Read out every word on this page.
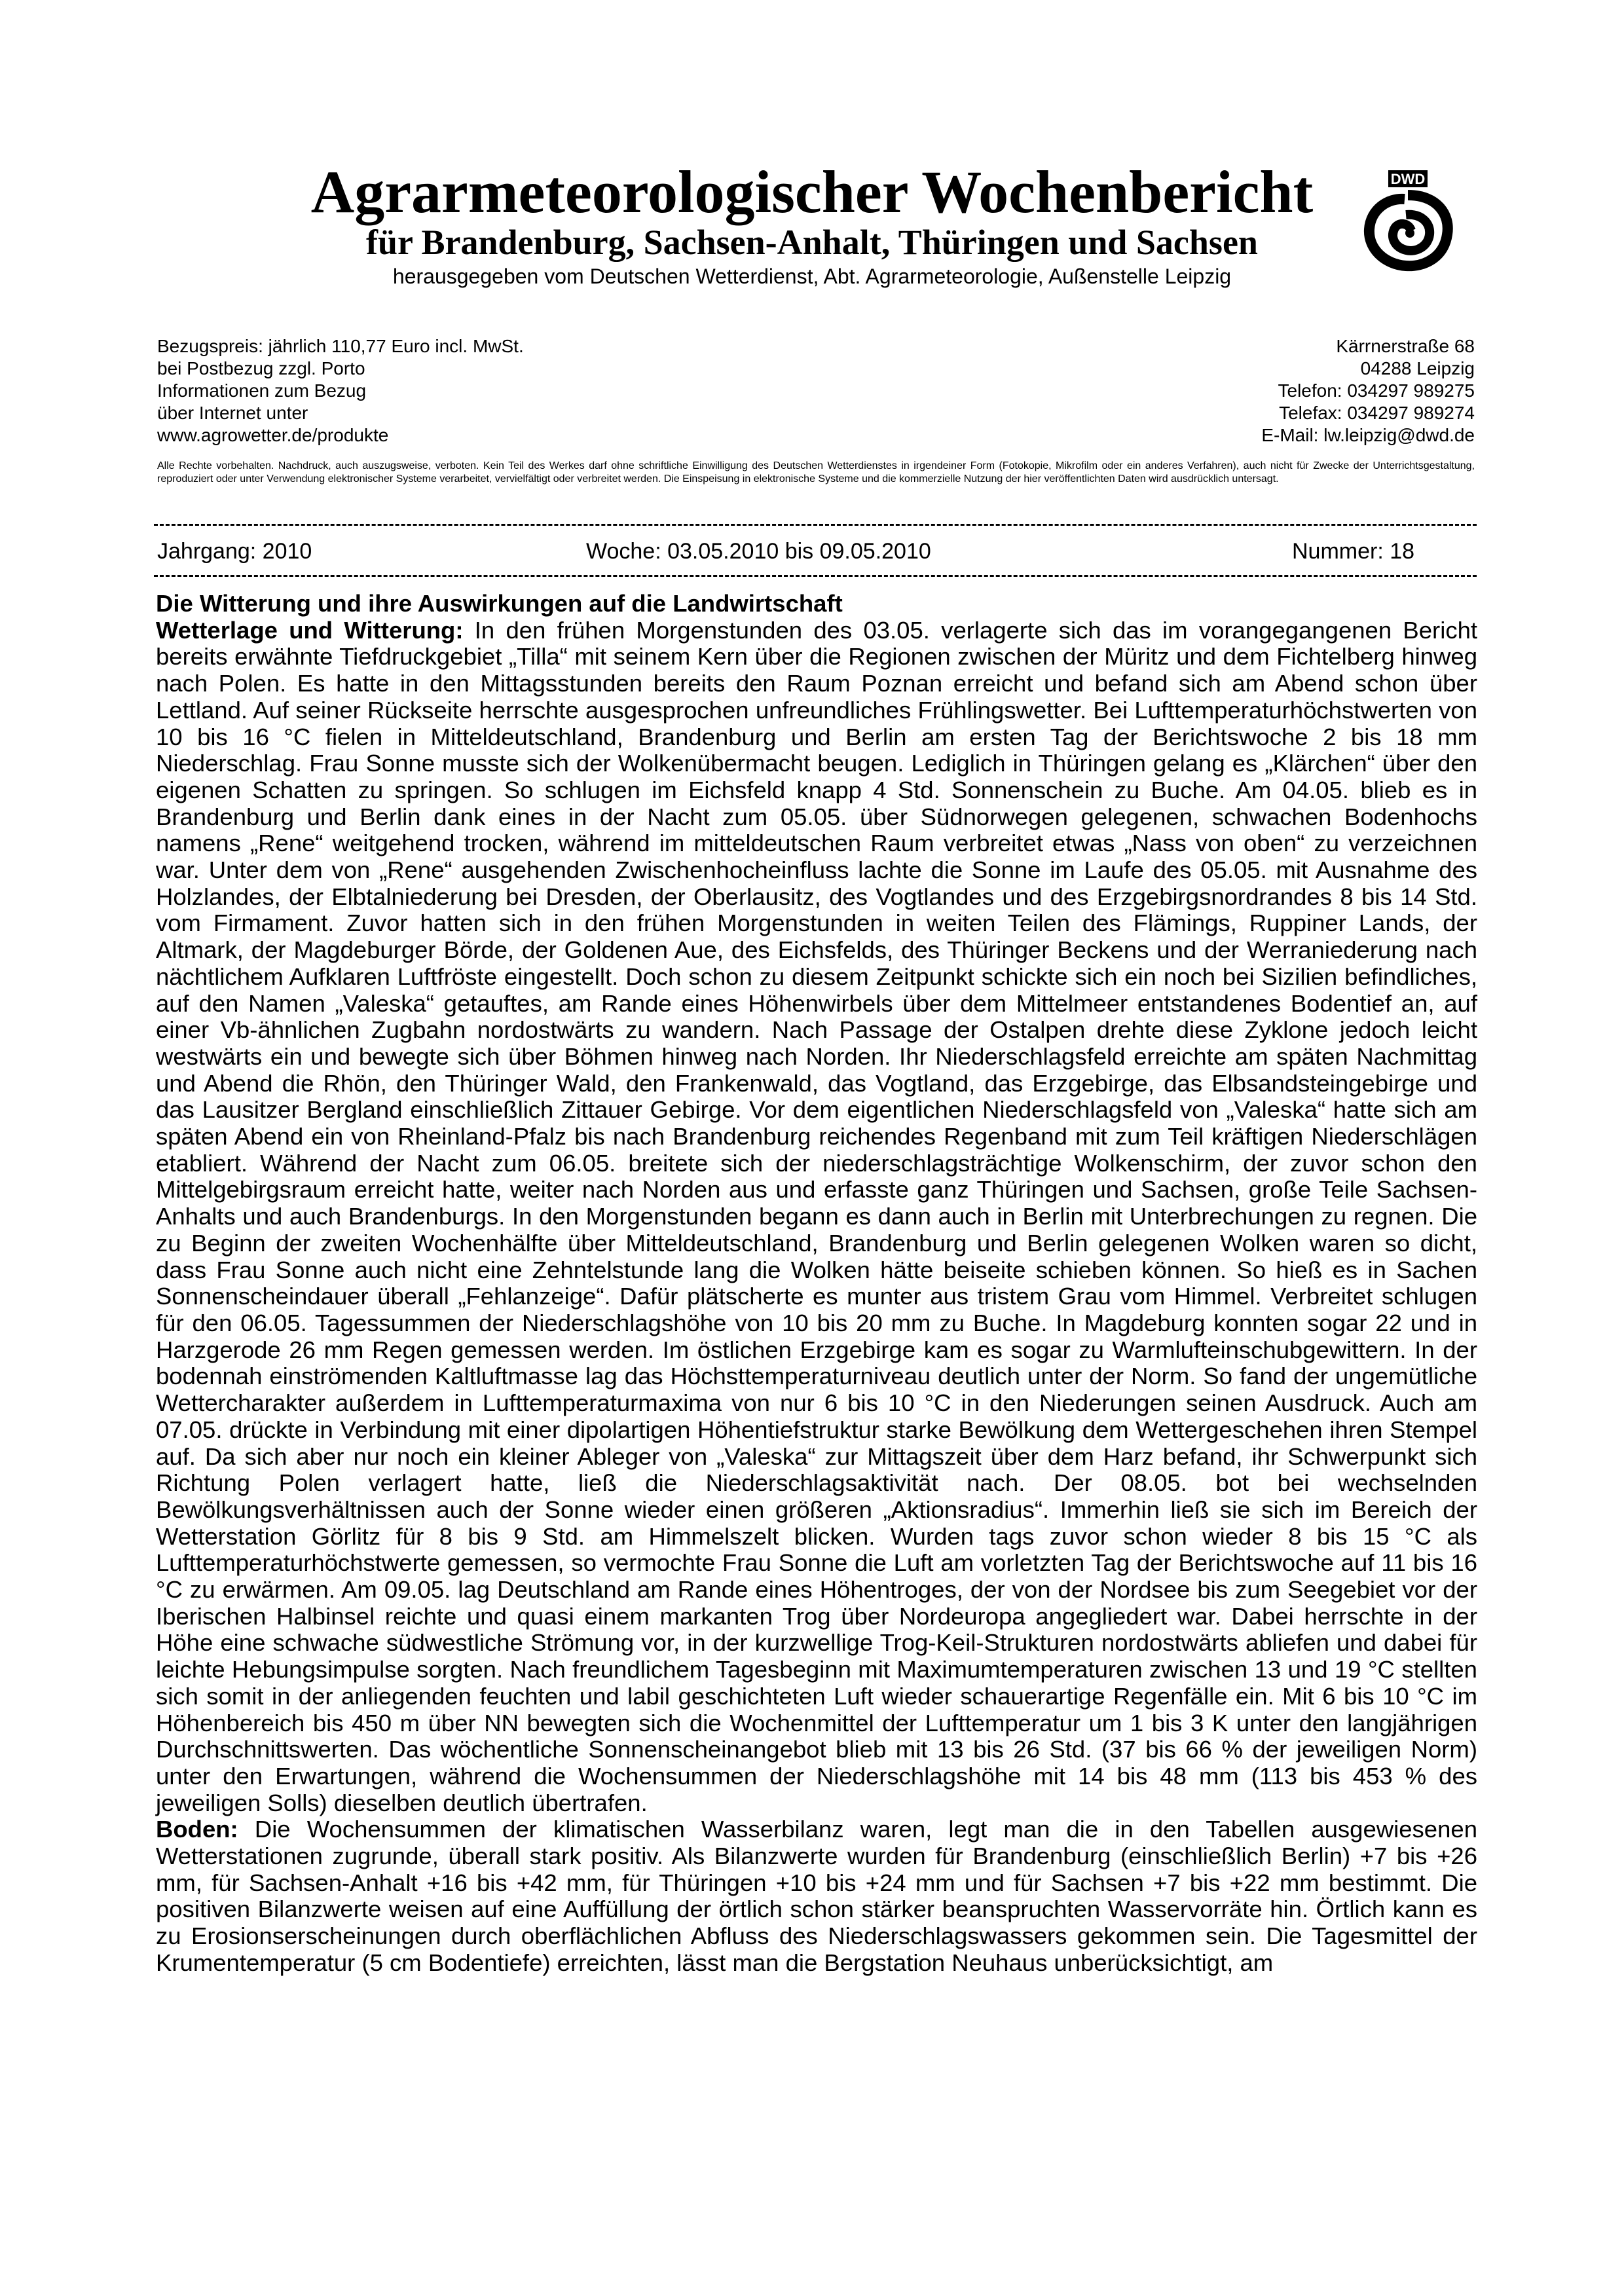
Agrarmeteorologischer Wochenbericht
für Brandenburg, Sachsen-Anhalt, Thüringen und Sachsen
herausgegeben vom Deutschen Wetterdienst, Abt. Agrarmeteorologie, Außenstelle Leipzig
DWD
Bezugspreis: jährlich 110,77 Euro incl. MwSt.
bei Postbezug zzgl. Porto
Informationen zum Bezug
über Internet unter
www.agrowetter.de/produkte
Kärrnerstraße 68
04288 Leipzig
Telefon: 034297 989275
Telefax: 034297 989274
E-Mail: lw.leipzig@dwd.de
Alle Rechte vorbehalten. Nachdruck, auch auszugsweise, verboten. Kein Teil des Werkes darf ohne schriftliche Einwilligung des Deutschen Wetterdienstes in irgendeiner Form (Fotokopie, Mikrofilm oder ein anderes Verfahren), auch nicht für Zwecke der Unterrichtsgestaltung, reproduziert oder unter Verwendung elektronischer Systeme verarbeitet, vervielfältigt oder verbreitet werden. Die Einspeisung in elektronische Systeme und die kommerzielle Nutzung der hier veröffentlichten Daten wird ausdrücklich untersagt.
Jahrgang: 2010	Woche: 03.05.2010 bis 09.05.2010	Nummer: 18

Die Witterung und ihre Auswirkungen auf die Landwirtschaft

Wetterlage und Witterung: In den frühen Morgenstunden des 03.05. verlagerte sich das im vorangegangenen Bericht bereits erwähnte Tiefdruckgebiet „Tilla“ mit seinem Kern über die Regionen zwischen der Müritz und dem Fichtelberg hinweg nach Polen. Es hatte in den Mittagsstunden bereits den Raum Poznan erreicht und befand sich am Abend schon über Lettland. Auf seiner Rückseite herrschte ausgesprochen unfreundliches Frühlingswetter. Bei Lufttemperaturhöchstwerten von 10 bis 16 °C fielen in Mitteldeutschland, Brandenburg und Berlin am ersten Tag der Berichtswoche 2 bis 18 mm Niederschlag. Frau Sonne musste sich der Wolkenübermacht beugen. Lediglich in Thüringen gelang es „Klärchen“ über den eigenen Schatten zu springen. So schlugen im Eichsfeld knapp 4 Std. Sonnenschein zu Buche. Am 04.05. blieb es in Brandenburg und Berlin dank eines in der Nacht zum 05.05. über Südnorwegen gelegenen, schwachen Bodenhochs namens „Rene“ weitgehend trocken, während im mitteldeutschen Raum verbreitet etwas „Nass von oben“ zu verzeichnen war. Unter dem von „Rene“ ausgehenden Zwischenhocheinfluss lachte die Sonne im Laufe des 05.05. mit Ausnahme des Holzlandes, der Elbtalniederung bei Dresden, der Oberlausitz, des Vogtlandes und des Erzgebirgsnordrandes 8 bis 14 Std. vom Firmament. Zuvor hatten sich in den frühen Morgenstunden in weiten Teilen des Flämings, Ruppiner Lands, der Altmark, der Magdeburger Börde, der Goldenen Aue, des Eichsfelds, des Thüringer Beckens und der Werraniederung nach nächtlichem Aufklaren Luftfröste eingestellt. Doch schon zu diesem Zeitpunkt schickte sich ein noch bei Sizilien befindliches, auf den Namen „Valeska“ getauftes, am Rande eines Höhenwirbels über dem Mittelmeer entstandenes Bodentief an, auf einer Vb-ähnlichen Zugbahn nordostwärts zu wandern. Nach Passage der Ostalpen drehte diese Zyklone jedoch leicht westwärts ein und bewegte sich über Böhmen hinweg nach Norden. Ihr Niederschlagsfeld erreichte am späten Nachmittag und Abend die Rhön, den Thüringer Wald, den Frankenwald, das Vogtland, das Erzgebirge, das Elbsandsteingebirge und das Lausitzer Bergland einschließlich Zittauer Gebirge. Vor dem eigentlichen Niederschlagsfeld von „Valeska“ hatte sich am späten Abend ein von Rheinland-Pfalz bis nach Brandenburg reichendes Regenband mit zum Teil kräftigen Niederschlägen etabliert. Während der Nacht zum 06.05. breitete sich der niederschlagsträchtige Wolkenschirm, der zuvor schon den Mittelgebirgsraum erreicht hatte, weiter nach Norden aus und erfasste ganz Thüringen und Sachsen, große Teile Sachsen-Anhalts und auch Brandenburgs. In den Morgenstunden begann es dann auch in Berlin mit Unterbrechungen zu regnen. Die zu Beginn der zweiten Wochenhälfte über Mitteldeutschland, Brandenburg und Berlin gelegenen Wolken waren so dicht, dass Frau Sonne auch nicht eine Zehntelstunde lang die Wolken hätte beiseite schieben können. So hieß es in Sachen Sonnenscheindauer überall „Fehlanzeige“. Dafür plätscherte es munter aus tristem Grau vom Himmel. Verbreitet schlugen für den 06.05. Tagessummen der Niederschlagshöhe von 10 bis 20 mm zu Buche. In Magdeburg konnten sogar 22 und in Harzgerode 26 mm Regen gemessen werden. Im östlichen Erzgebirge kam es sogar zu Warmlufteinschubgewittern. In der bodennah einströmenden Kaltluftmasse lag das Höchsttemperaturniveau deutlich unter der Norm. So fand der ungemütliche Wettercharakter außerdem in Lufttemperaturmaxima von nur 6 bis 10 °C in den Niederungen seinen Ausdruck. Auch am 07.05. drückte in Verbindung mit einer dipolartigen Höhentiefstruktur starke Bewölkung dem Wettergeschehen ihren Stempel auf. Da sich aber nur noch ein kleiner Ableger von „Valeska“ zur Mittagszeit über dem Harz befand, ihr Schwerpunkt sich Richtung Polen verlagert hatte, ließ die Niederschlagsaktivität nach. Der 08.05. bot bei wechselnden Bewölkungsverhältnissen auch der Sonne wieder einen größeren „Aktionsradius“. Immerhin ließ sie sich im Bereich der Wetterstation Görlitz für 8 bis 9 Std. am Himmelszelt blicken. Wurden tags zuvor schon wieder 8 bis 15 °C als Lufttemperaturhöchstwerte gemessen, so vermochte Frau Sonne die Luft am vorletzten Tag der Berichtswoche auf 11 bis 16 °C zu erwärmen. Am 09.05. lag Deutschland am Rande eines Höhentroges, der von der Nordsee bis zum Seegebiet vor der Iberischen Halbinsel reichte und quasi einem markanten Trog über Nordeuropa angegliedert war. Dabei herrschte in der Höhe eine schwache südwestliche Strömung vor, in der kurzwellige Trog-Keil-Strukturen nordostwärts abliefen und dabei für leichte Hebungsimpulse sorgten. Nach freundlichem Tagesbeginn mit Maximumtemperaturen zwischen 13 und 19 °C stellten sich somit in der anliegenden feuchten und labil geschichteten Luft wieder schauerartige Regenfälle ein. Mit 6 bis 10 °C im Höhenbereich bis 450 m über NN bewegten sich die Wochenmittel der Lufttemperatur um 1 bis 3 K unter den langjährigen Durchschnittswerten. Das wöchentliche Sonnenscheinangebot blieb mit 13 bis 26 Std. (37 bis 66 % der jeweiligen Norm) unter den Erwartungen, während die Wochensummen der Niederschlagshöhe mit 14 bis 48 mm (113 bis 453 % des jeweiligen Solls) dieselben deutlich übertrafen.

Boden: Die Wochensummen der klimatischen Wasserbilanz waren, legt man die in den Tabellen ausgewiesenen Wetterstationen zugrunde, überall stark positiv. Als Bilanzwerte wurden für Brandenburg (einschließlich Berlin) +7 bis +26 mm, für Sachsen-Anhalt +16 bis +42 mm, für Thüringen +10 bis +24 mm und für Sachsen +7 bis +22 mm bestimmt. Die positiven Bilanzwerte weisen auf eine Auffüllung der örtlich schon stärker beanspruchten Wasservorräte hin. Örtlich kann es zu Erosionserscheinungen durch oberflächlichen Abfluss des Niederschlagswassers gekommen sein. Die Tagesmittel der Krumentemperatur (5 cm Bodentiefe) erreichten, lässt man die Bergstation Neuhaus unberücksichtigt, am
